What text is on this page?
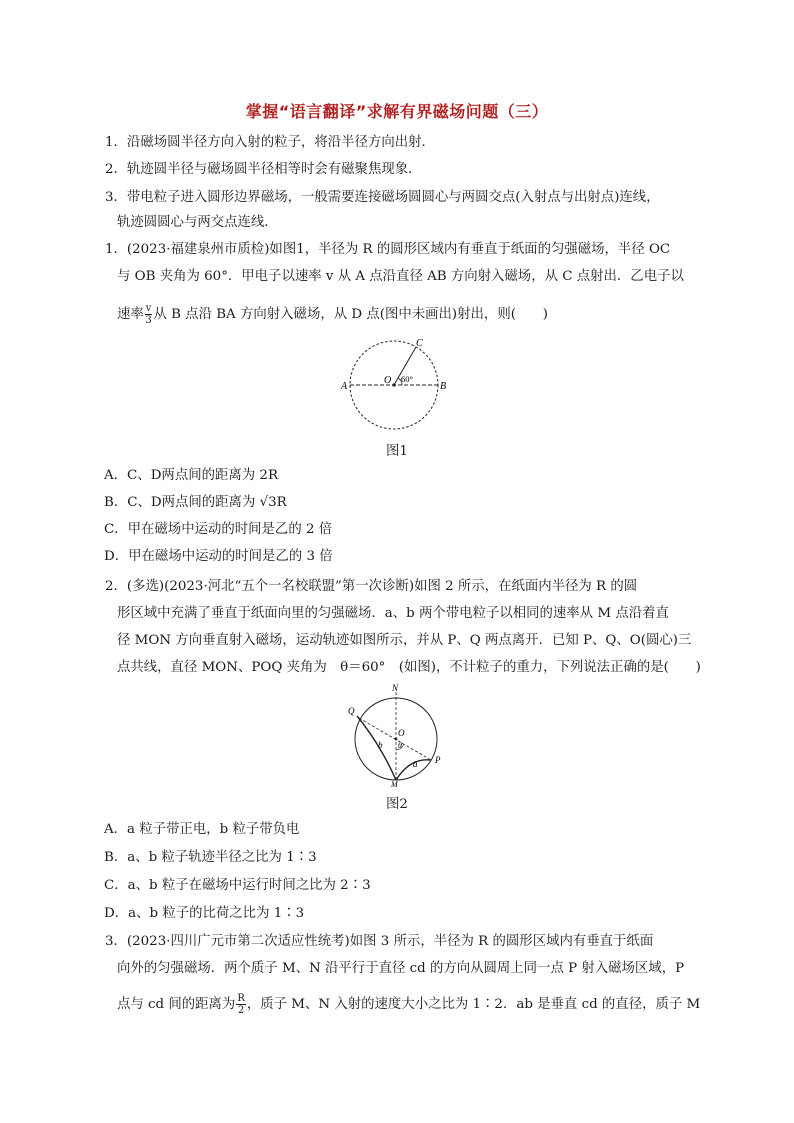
掌握“语言翻译”求解有界磁场问题（三）
1．沿磁场圆半径方向入射的粒子，将沿半径方向出射．
2．轨迹圆半径与磁场圆半径相等时会有磁聚焦现象．
3．带电粒子进入圆形边界磁场，一般需要连接磁场圆圆心与两圆交点(入射点与出射点)连线，
轨迹圆圆心与两交点连线．
1．(2023·福建泉州市质检)如图1，半径为 R 的圆形区域内有垂直于纸面的匀强磁场，半径 OC
与 OB 夹角为 60°．甲电子以速率 v 从 A 点沿直径 AB 方向射入磁场，从 C 点射出．乙电子以
速率 $\frac{v}{3}$ 从 B 点沿 BA 方向射入磁场，从 D 点(图中未画出)射出，则(　　)
A	B
C
O 60°
图1
A．C、D两点间的距离为 2R
B．C、D两点间的距离为 √3R
C．甲在磁场中运动的时间是乙的 2 倍
D．甲在磁场中运动的时间是乙的 3 倍
2．(多选)(2023·河北“五个一名校联盟”第一次诊断)如图 2 所示，在纸面内半径为 R 的圆
形区域中充满了垂直于纸面向里的匀强磁场．a、b 两个带电粒子以相同的速率从 M 点沿着直
径 MON 方向垂直射入磁场，运动轨迹如图所示，并从 P、Q 两点离开．已知 P、Q、O(圆心)三
点共线，直径 MON、POQ 夹角为　θ＝60°　(如图)，不计粒子的重力，下列说法正确的是(　　)
N
Q
O
θ
b
a P
M
图2
A．a 粒子带正电，b 粒子带负电
B．a、b 粒子轨迹半径之比为 1∶3
C．a、b 粒子在磁场中运行时间之比为 2∶3
D．a、b 粒子的比荷之比为 1∶3
3．(2023·四川广元市第二次适应性统考)如图 3 所示，半径为 R 的圆形区域内有垂直于纸面
向外的匀强磁场．两个质子 M、N 沿平行于直径 cd 的方向从圆周上同一点 P 射入磁场区域，P
点与 cd 间的距离为 $\frac{R}{2}$ ，质子 M、N 入射的速度大小之比为 1∶2．ab 是垂直 cd 的直径，质子 M
